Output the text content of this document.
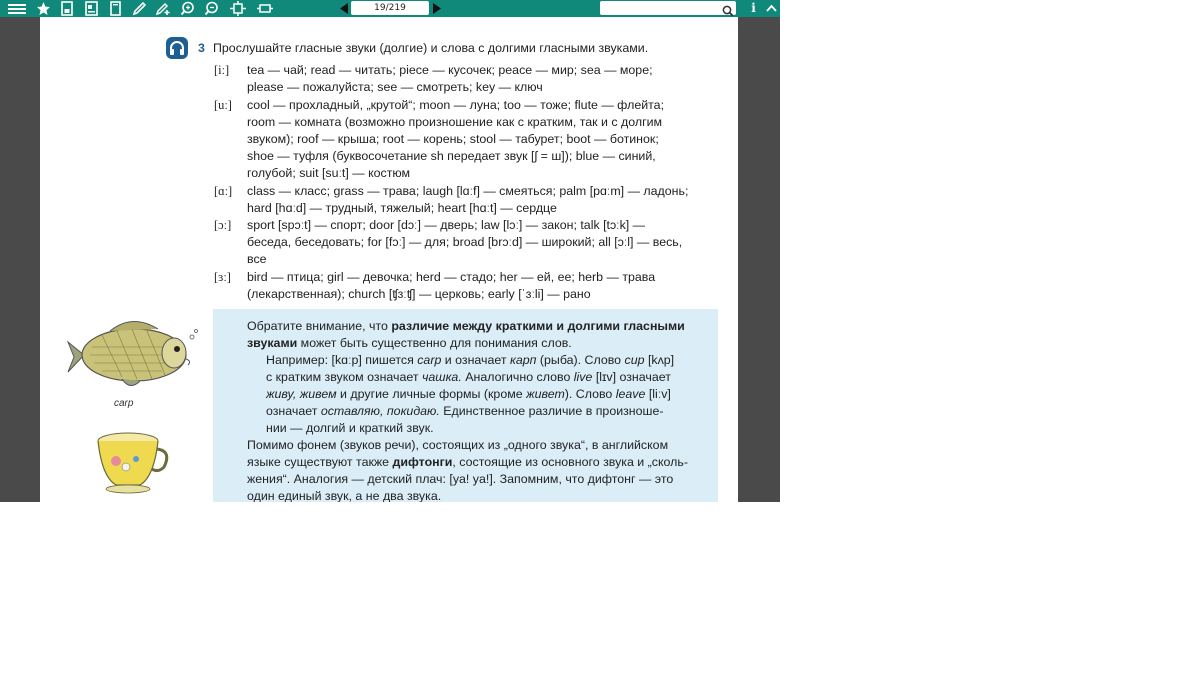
19/219	i
3 Прослушайте гласные звуки (долгие) и слова с долгими гласными звуками.
[iː] tea — чай; read — читать; piece — кусочек; peace — мир; sea — море;
please — пожалуйста; see — смотреть; key — ключ
[uː] cool — прохладный, „крутой“; moon — луна; too — тоже; flute — флейта;
room — комната (возможно произношение как с кратким, так и с долгим
звуком); roof — крыша; root — корень; stool — табурет; boot — ботинок;
shoe — туфля (буквосочетание sh передает звук [ʃ = ш]); blue — синий,
голубой; suit [suːt] — костюм
[ɑː] class — класс; grass — трава; laugh [lɑːf] — смеяться; palm [pɑːm] — ладонь;
hard [hɑːd] — трудный, тяжелый; heart [hɑːt] — сердце
[ɔː] sport [spɔːt] — спорт; door [dɔː] — дверь; law [lɔː] — закон; talk [tɔːk] —
беседа, беседовать; for [fɔː] — для; broad [brɔːd] — широкий; all [ɔːl] — весь,
все
[ɜː] bird — птица; girl — девочка; herd — стадо; her — ей, ее; herb — трава
(лекарственная); church [ʧɜːʧ] — церковь; early [ˈɜːli] — рано
carp
Обратите внимание, что различие между краткими и долгими гласными
звуками может быть существенно для понимания слов.
Например: [kɑːp] пишется carp и означает карп (рыба). Слово cup [kʌp]
с кратким звуком означает чашка. Аналогично слово live [lɪv] означает
живу, живем и другие личные формы (кроме живет). Слово leave [liːv]
означает оставляю, покидаю. Единственное различие в произноше-
нии — долгий и краткий звук.
Помимо фонем (звуков речи), состоящих из „одного звука“, в английском
языке существуют также дифтонги, состоящие из основного звука и „сколь-
жения“. Аналогия — детский плач: [ya! ya!]. Запомним, что дифтонг — это
один единый звук, а не два звука.
